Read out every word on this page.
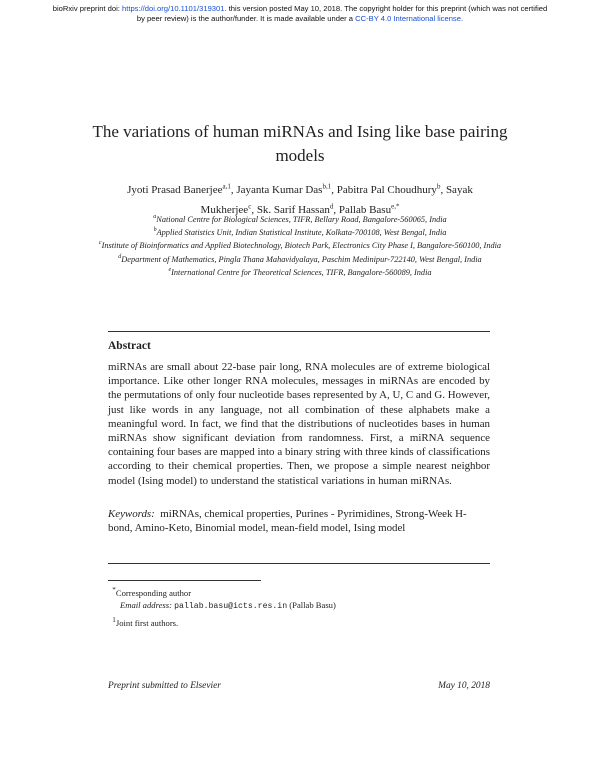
bioRxiv preprint doi: https://doi.org/10.1101/319301. this version posted May 10, 2018. The copyright holder for this preprint (which was not certified by peer review) is the author/funder. It is made available under a CC-BY 4.0 International license.
The variations of human miRNAs and Ising like base pairing models
Jyoti Prasad Banerjee$^{a,1}$, Jayanta Kumar Das$^{b,1}$, Pabitra Pal Choudhury$^b$, Sayak Mukherjee$^c$, Sk. Sarif Hassan$^d$, Pallab Basu$^{e,*}$
$^a$National Centre for Biological Sciences, TIFR, Bellary Road, Bangalore-560065, India
$^b$Applied Statistics Unit, Indian Statistical Institute, Kolkata-700108, West Bengal, India
$^c$Institute of Bioinformatics and Applied Biotechnology, Biotech Park, Electronics City Phase I, Bangalore-560100, India
$^d$Department of Mathematics, Pingla Thana Mahavidyalaya, Paschim Medinipur-722140, West Bengal, India
$^e$International Centre for Theoretical Sciences, TIFR, Bangalore-560089, India
Abstract
miRNAs are small about 22-base pair long, RNA molecules are of extreme biological importance. Like other longer RNA molecules, messages in miRNAs are encoded by the permutations of only four nucleotide bases represented by A, U, C and G. However, just like words in any language, not all combination of these alphabets make a meaningful word. In fact, we find that the distributions of nucleotides bases in human miRNAs show significant deviation from randomness. First, a miRNA sequence containing four bases are mapped into a binary string with three kinds of classifications according to their chemical properties. Then, we propose a simple nearest neighbor model (Ising model) to understand the statistical variations in human miRNAs.
Keywords: miRNAs, chemical properties, Purines - Pyrimidines, Strong-Week H-bond, Amino-Keto, Binomial model, mean-field model, Ising model
*Corresponding author
Email address: pallab.basu@icts.res.in (Pallab Basu)
$^1$Joint first authors.
Preprint submitted to Elsevier	May 10, 2018
